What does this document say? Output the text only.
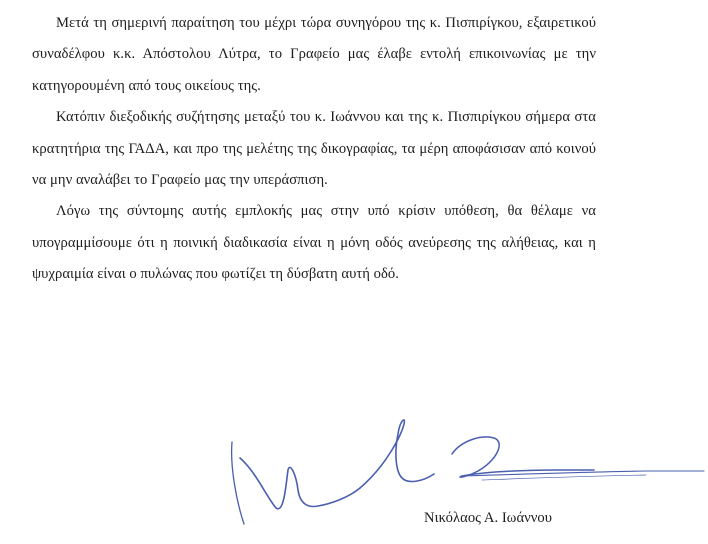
Μετά τη σημερινή παραίτηση του μέχρι τώρα συνηγόρου της κ. Πισπιρίγκου, εξαιρετικού συναδέλφου κ.κ. Απόστολου Λύτρα, το Γραφείο μας έλαβε εντολή επικοινωνίας με την κατηγορουμένη από τους οικείους της.

Κατόπιν διεξοδικής συζήτησης μεταξύ του κ. Ιωάννου και της κ. Πισπιρίγκου σήμερα στα κρατητήρια της ΓΑΔΑ, και προ της μελέτης της δικογραφίας, τα μέρη αποφάσισαν από κοινού να μην αναλάβει το Γραφείο μας την υπεράσπιση.

Λόγω της σύντομης αυτής εμπλοκής μας στην υπό κρίσιν υπόθεση, θα θέλαμε να υπογραμμίσουμε ότι η ποινική διαδικασία είναι η μόνη οδός ανεύρεσης της αλήθειας, και η ψυχραιμία είναι ο πυλώνας που φωτίζει τη δύσβατη αυτή οδό.

Νικόλαος Α. Ιωάννου
